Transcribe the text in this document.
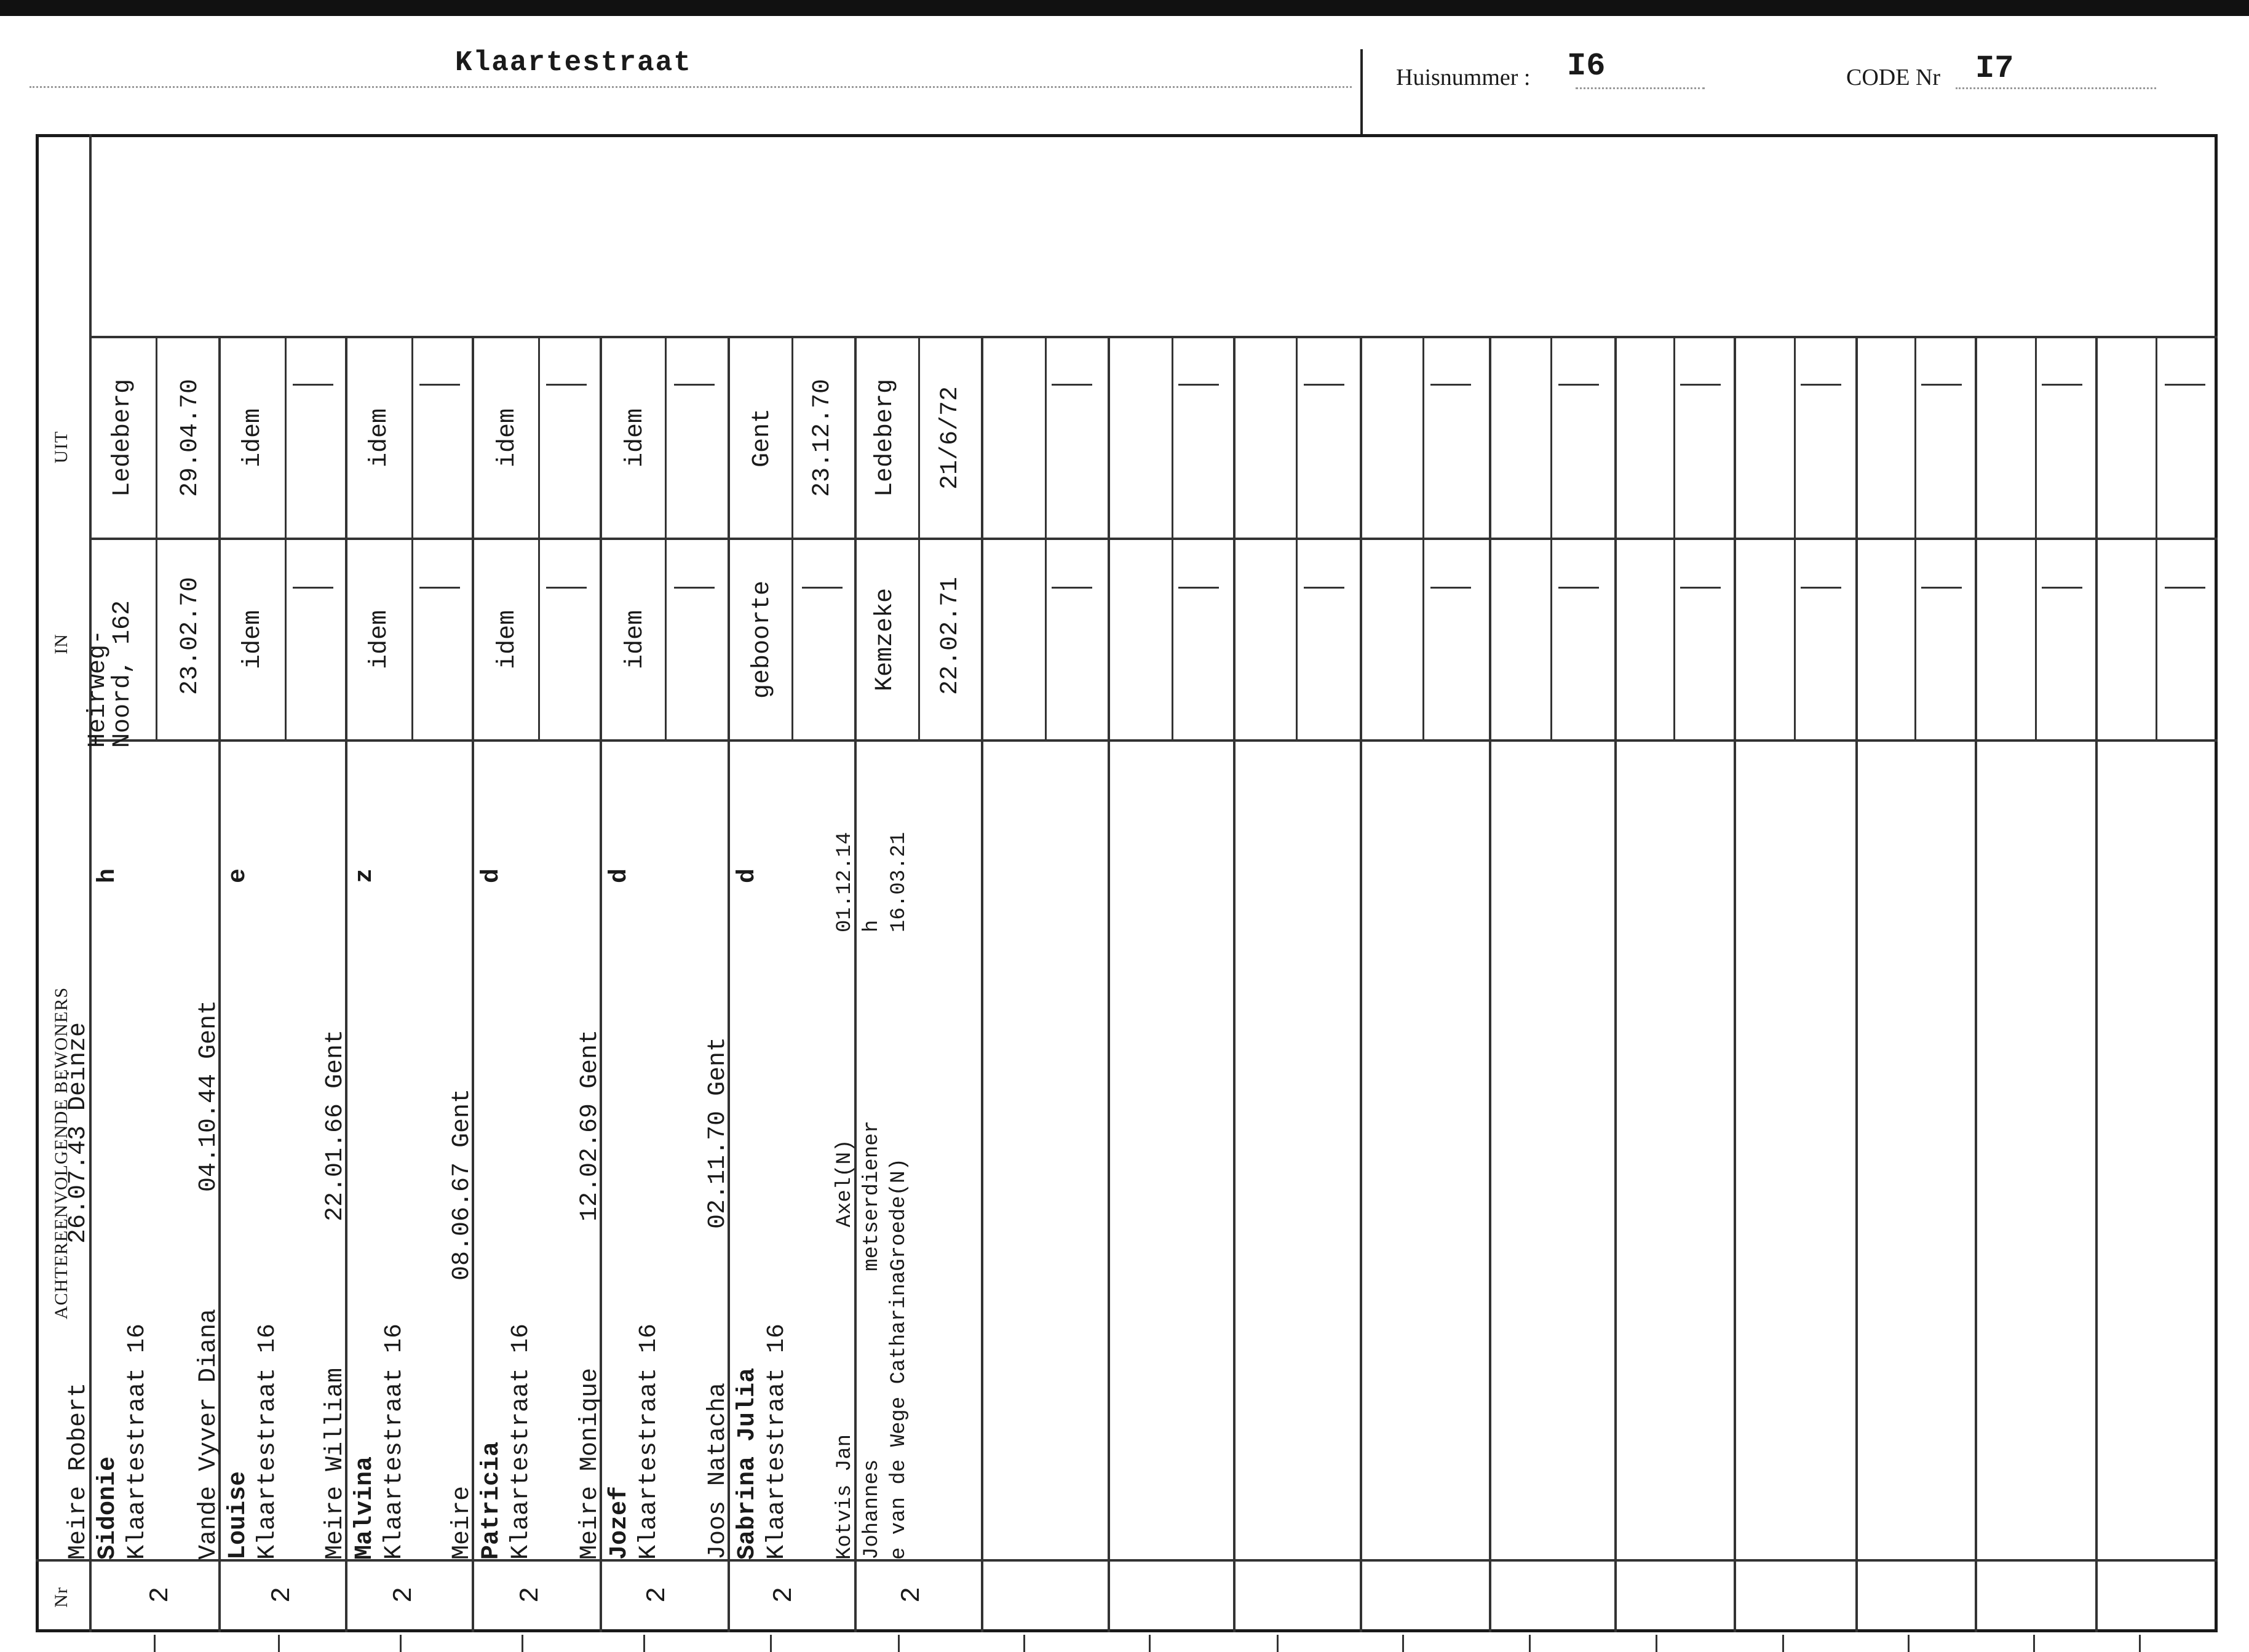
Klaartestraat	Huisnummer : I6	CODE Nr I7
UIT
IN
ACHTEREENVOLGENDE BEWONERS
Nr
Ledeberg 29.04.70
Heirweg-
Noord, 162 23.02.70
Meire Robert
26.07.43 Deinze
Sidonie
h
Klaartestraat 16
2
idem
idem
Vande Vyver Diana
04.10.44 Gent
Louise
e
Klaartestraat 16
2
idem
idem
Meire William
22.01.66 Gent
Malvina
z
Klaartestraat 16
2
idem
idem
Meire
08.06.67 Gent
Patricia
d
Klaartestraat 16
2
idem
idem
Meire Monique
12.02.69 Gent
Jozef
d
Klaartestraat 16
2
Gent 23.12.70
geboorte
Joos Natacha
02.11.70 Gent
Sabrina Julia
d
Klaartestraat 16
2
Ledeberg 21/6/72
Kemzeke 22.02.71
Kotvis Jan
Axel(N)
01.12.14
Johannes
metserdiener
h
e van de Wege CatharinaGroede(N)
16.03.21
2
